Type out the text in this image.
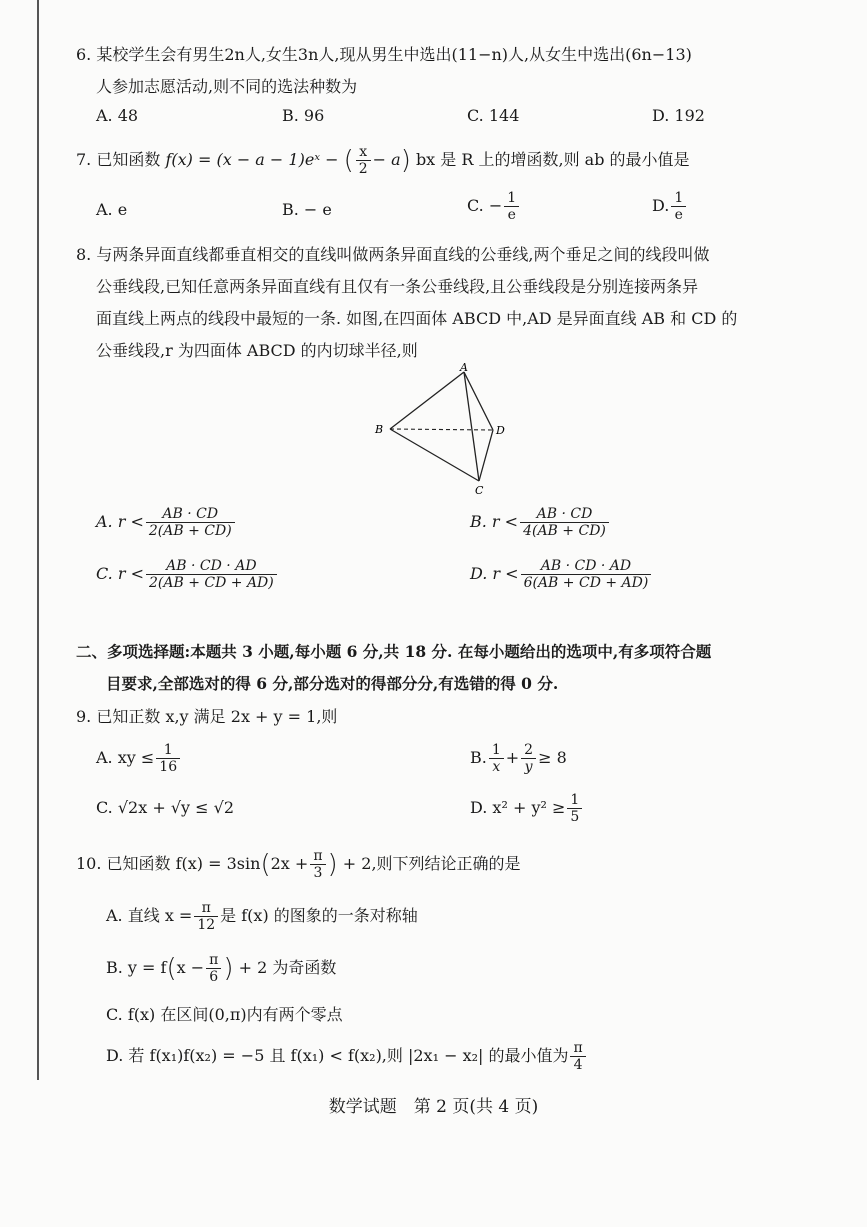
6. 某校学生会有男生2n人,女生3n人,现从男生中选出(11−n)人,从女生中选出(6n−13)
人参加志愿活动,则不同的选法种数为
A. 48	B. 96	C. 144	D. 192
7. 已知函数 f(x) = (x − a − 1)eˣ − ( $\frac{x}{2} - a$) bx 是 R 上的增函数,则 ab 的最小值是
A. e	B. − e	C. − $\frac{1}{e}$	D. $\frac{1}{e}$
8. 与两条异面直线都垂直相交的直线叫做两条异面直线的公垂线,两个垂足之间的线段叫做
公垂线段,已知任意两条异面直线有且仅有一条公垂线段,且公垂线段是分别连接两条异
面直线上两点的线段中最短的一条. 如图,在四面体 ABCD 中,AD 是异面直线 AB 和 CD 的
公垂线段,r 为四面体 ABCD 的内切球半径,则
A
B
C
D
A. $r < \frac{AB \cdot CD}{2(AB + CD)}$	B. $r < \frac{AB \cdot CD}{4(AB + CD)}$
C. $r < \frac{AB \cdot CD \cdot AD}{2(AB + CD + AD)}$	D. $r < \frac{AB \cdot CD \cdot AD}{6(AB + CD + AD)}$
二、多项选择题:本题共 3 小题,每小题 6 分,共 18 分. 在每小题给出的选项中,有多项符合题
目要求,全部选对的得 6 分,部分选对的得部分分,有选错的得 0 分.
9. 已知正数 x,y 满足 2x + y = 1,则
A. xy ≤ $\frac{1}{16}$	B. $\frac{1}{x} + \frac{2}{y} \ge 8$
C. √2x + √y ≤ √2	D. $x^2 + y^2 \ge \frac{1}{5}$
10. 已知函数 $f(x) = 3\sin(2x + \frac{\pi}{3}$ ) + 2,则下列结论正确的是
A. 直线 $x = \frac{\pi}{12}$ 是 f(x) 的图象的一条对称轴
B. $y = f(x - \frac{\pi}{6}$ ) + 2 为奇函数
C. f(x) 在区间(0,π)内有两个零点
D. 若 f(x₁)f(x₂) = −5 且 f(x₁) < f(x₂),则 |2x₁ − x₂| 的最小值为 $\frac{\pi}{4}$
数学试题　第 2 页(共 4 页)
